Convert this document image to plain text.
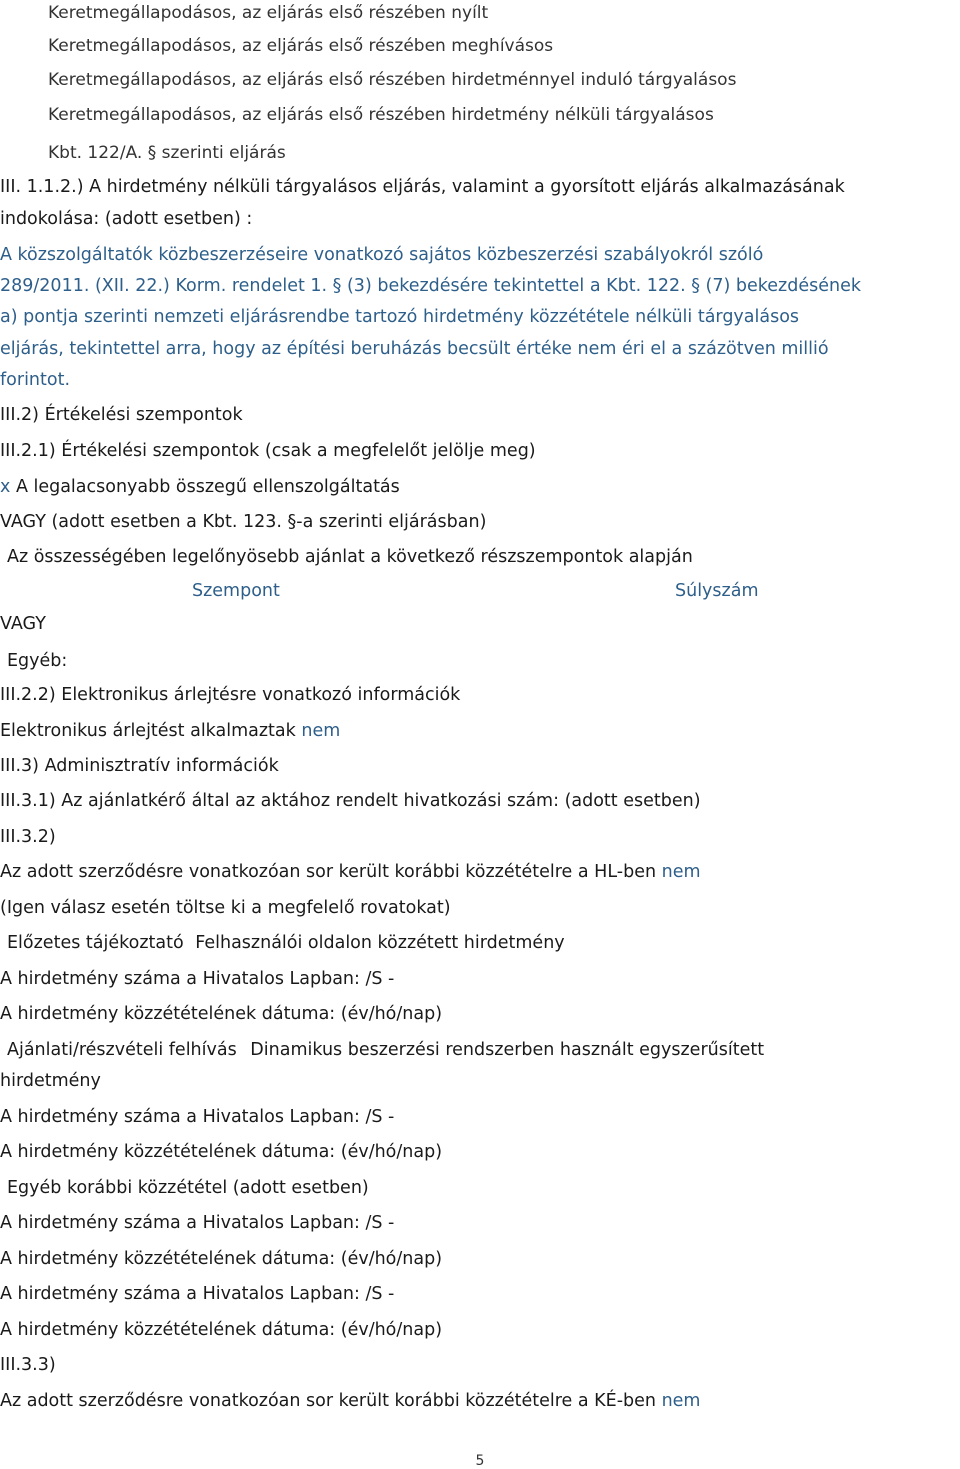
Keretmegállapodásos, az eljárás első részében nyílt
Keretmegállapodásos, az eljárás első részében meghívásos
Keretmegállapodásos, az eljárás első részében hirdetménnyel induló tárgyalásos
Keretmegállapodásos, az eljárás első részében hirdetmény nélküli tárgyalásos
Kbt. 122/A. § szerinti eljárás
III. 1.1.2.) A hirdetmény nélküli tárgyalásos eljárás, valamint a gyorsított eljárás alkalmazásának
indokolása: (adott esetben) :
A közszolgáltatók közbeszerzéseire vonatkozó sajátos közbeszerzési szabályokról szóló
289/2011. (XII. 22.) Korm. rendelet 1. § (3) bekezdésére tekintettel a Kbt. 122. § (7) bekezdésének
a) pontja szerinti nemzeti eljárásrendbe tartozó hirdetmény közzététele nélküli tárgyalásos
eljárás, tekintettel arra, hogy az építési beruházás becsült értéke nem éri el a százötven millió
forintot.
III.2) Értékelési szempontok
III.2.1) Értékelési szempontok (csak a megfelelőt jelölje meg)
x A legalacsonyabb összegű ellenszolgáltatás
VAGY (adott esetben a Kbt. 123. §-a szerinti eljárásban)
Az összességében legelőnyösebb ajánlat a következő részszempontok alapján
Szempont	Súlyszám
VAGY
Egyéb:
III.2.2) Elektronikus árlejtésre vonatkozó információk
Elektronikus árlejtést alkalmaztak nem
III.3) Adminisztratív információk
III.3.1) Az ajánlatkérő által az aktához rendelt hivatkozási szám: (adott esetben)
III.3.2)
Az adott szerződésre vonatkozóan sor került korábbi közzétételre a HL-ben nem
(Igen válasz esetén töltse ki a megfelelő rovatokat)
Előzetes tájékoztató Felhasználói oldalon közzétett hirdetmény
A hirdetmény száma a Hivatalos Lapban: /S -
A hirdetmény közzétételének dátuma: (év/hó/nap)
Ajánlati/részvételi felhívás Dinamikus beszerzési rendszerben használt egyszerűsített
hirdetmény
A hirdetmény száma a Hivatalos Lapban: /S -
A hirdetmény közzétételének dátuma: (év/hó/nap)
Egyéb korábbi közzététel (adott esetben)
A hirdetmény száma a Hivatalos Lapban: /S -
A hirdetmény közzétételének dátuma: (év/hó/nap)
A hirdetmény száma a Hivatalos Lapban: /S -
A hirdetmény közzétételének dátuma: (év/hó/nap)
III.3.3)
Az adott szerződésre vonatkozóan sor került korábbi közzétételre a KÉ-ben nem
5
